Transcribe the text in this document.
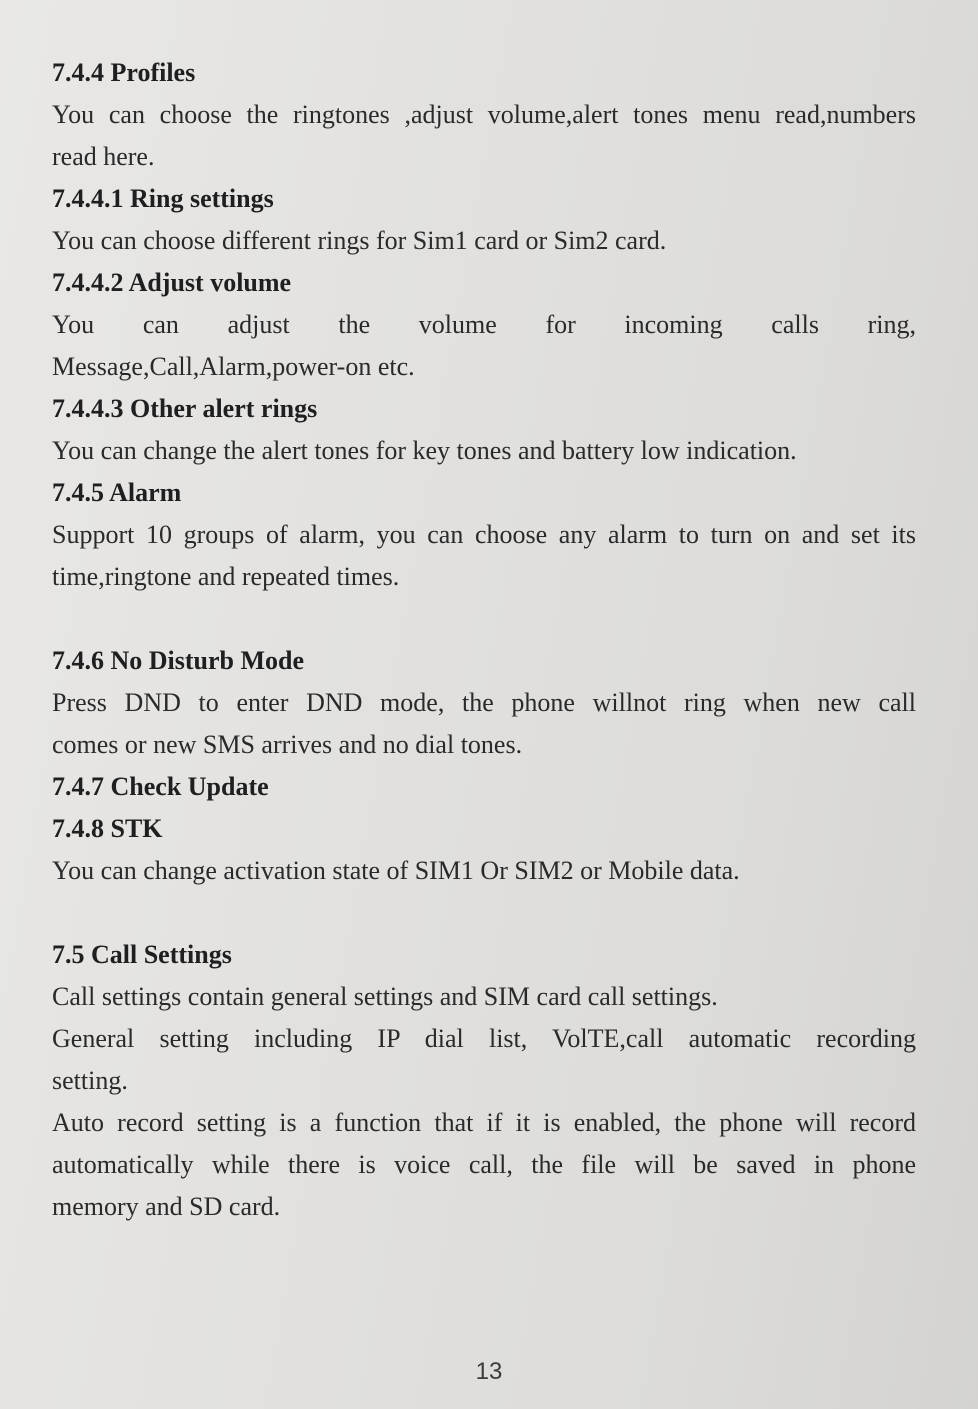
7.4.4 Profiles
You can choose the ringtones ,adjust volume,alert tones menu read,numbers
read here.
7.4.4.1 Ring settings
You can choose different rings for Sim1 card or Sim2 card.
7.4.4.2 Adjust volume
You can adjust the volume for incoming calls ring,
Message,Call,Alarm,power-on etc.
7.4.4.3 Other alert rings
You can change the alert tones for key tones and battery low indication.
7.4.5 Alarm
Support 10 groups of alarm, you can choose any alarm to turn on and set its
time,ringtone and repeated times.
7.4.6 No Disturb Mode
Press DND to enter DND mode, the phone willnot ring when new call
comes or new SMS arrives and no dial tones.
7.4.7 Check Update
7.4.8 STK
You can change activation state of SIM1 Or SIM2 or Mobile data.
7.5 Call Settings
Call settings contain general settings and SIM card call settings.
General setting including IP dial list, VolTE,call automatic recording
setting.
Auto record setting is a function that if it is enabled, the phone will record
automatically while there is voice call, the file will be saved in phone
memory and SD card.
13
